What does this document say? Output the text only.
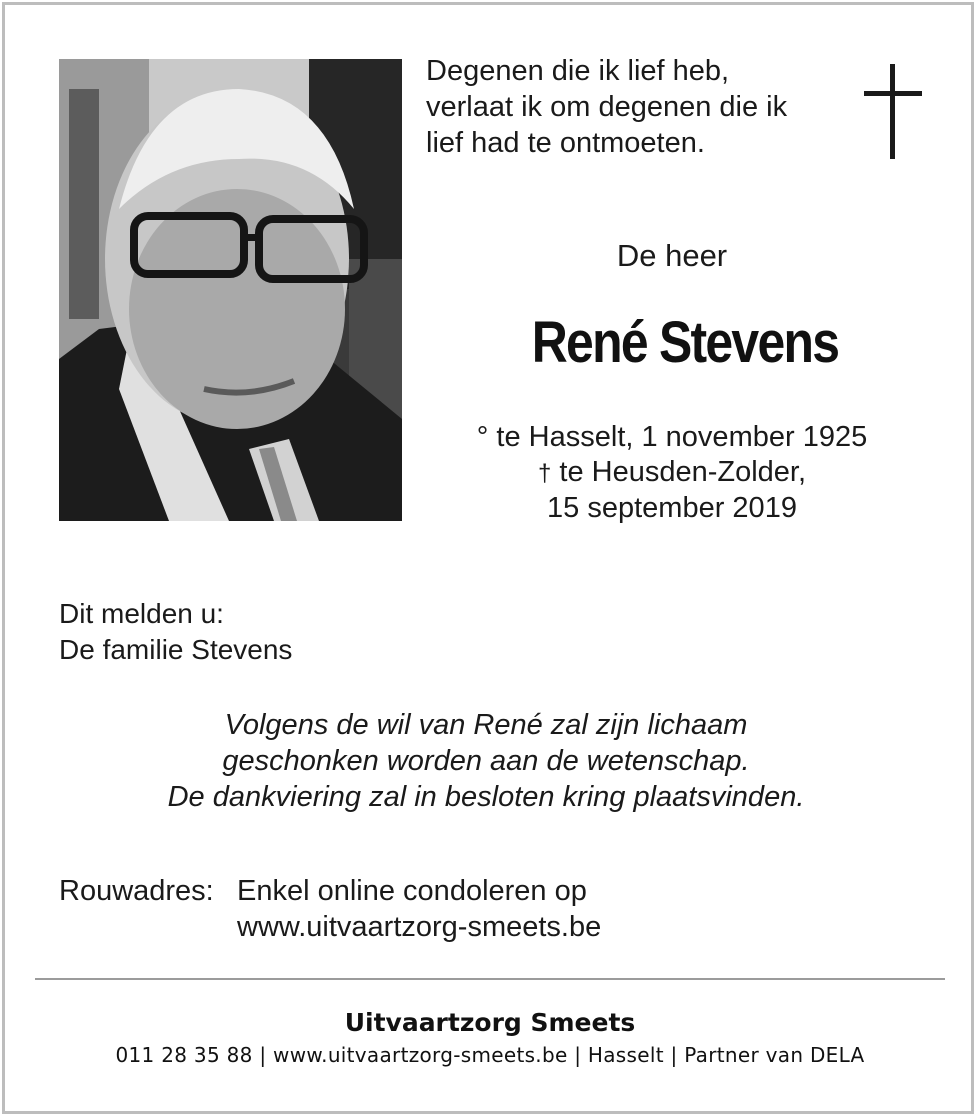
Degenen die ik lief heb,
verlaat ik om degenen die ik
lief had te ontmoeten.
De heer
René Stevens
° te Hasselt, 1 november 1925
† te Heusden-Zolder,
15 september 2019
Dit melden u:
De familie Stevens
Volgens de wil van René zal zijn lichaam
geschonken worden aan de wetenschap.
De dankviering zal in besloten kring plaatsvinden.
Rouwadres: Enkel online condoleren op
www.uitvaartzorg-smeets.be
Uitvaartzorg Smeets
011 28 35 88 | www.uitvaartzorg-smeets.be | Hasselt | Partner van DELA
